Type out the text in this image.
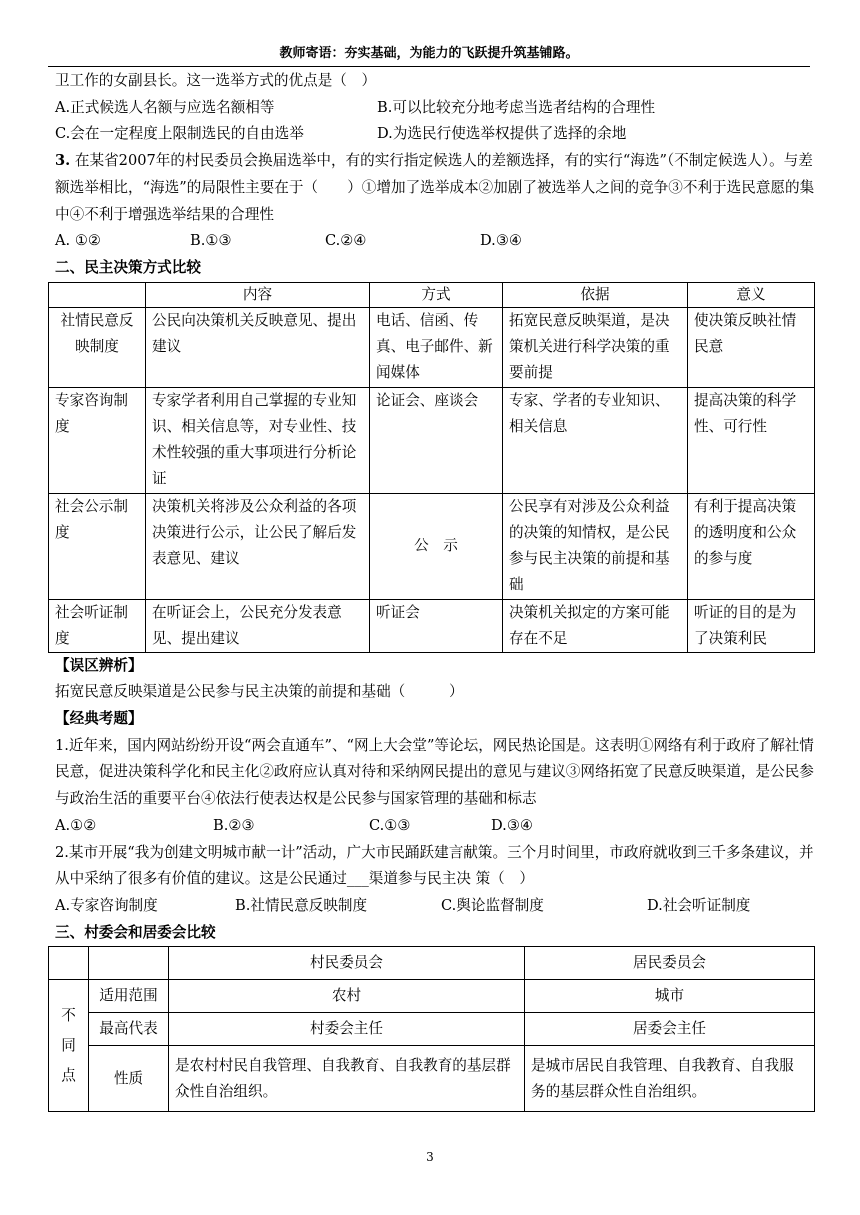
教师寄语：夯实基础，为能力的飞跃提升筑基铺路。

卫工作的女副县长。这一选举方式的优点是（　）

A.正式候选人名额与应选名额相等	B.可以比较充分地考虑当选者结构的合理性
C.会在一定程度上限制选民的自由选举	D.为选民行使选举权提供了选择的余地

3. 在某省2007年的村民委员会换届选举中，有的实行指定候选人的差额选择，有的实行“海选”（不制定候选人）。与差额选举相比，“海选”的局限性主要在于（　　）①增加了选举成本②加剧了被选举人之间的竞争③不利于选民意愿的集中④不利于增强选举结果的合理性

A. ①②	B.①③	C.②④	D.③④

二、民主决策方式比较

	内容	方式	依据	意义
社情民意反映制度	公民向决策机关反映意见、提出建议	电话、信函、传真、电子邮件、新闻媒体	拓宽民意反映渠道，是决策机关进行科学决策的重要前提	使决策反映社情民意
专家咨询制度	专家学者利用自己掌握的专业知识、相关信息等，对专业性、技术性较强的重大事项进行分析论证	论证会、座谈会	专家、学者的专业知识、相关信息	提高决策的科学性、可行性
社会公示制度	决策机关将涉及公众利益的各项决策进行公示，让公民了解后发表意见、建议	公　示	公民享有对涉及公众利益的决策的知情权，是公民参与民主决策的前提和基础	有利于提高决策的透明度和公众的参与度
社会听证制度	在听证会上，公民充分发表意见、提出建议	听证会	决策机关拟定的方案可能存在不足	听证的目的是为了决策利民

【误区辨析】

拓宽民意反映渠道是公民参与民主决策的前提和基础（　　　）

【经典考题】

1.近年来，国内网站纷纷开设“两会直通车”、“网上大会堂”等论坛，网民热论国是。这表明①网络有利于政府了解社情民意，促进决策科学化和民主化②政府应认真对待和采纳网民提出的意见与建议③网络拓宽了民意反映渠道，是公民参与政治生活的重要平台④依法行使表达权是公民参与国家管理的基础和标志

A.①②	B.②③	C.①③	D.③④

2.某市开展“我为创建文明城市献一计”活动，广大市民踊跃建言献策。三个月时间里，市政府就收到三千多条建议，并从中采纳了很多有价值的建议。这是公民通过___渠道参与民主决 策（　）

A.专家咨询制度	B.社情民意反映制度	C.舆论监督制度	D.社会听证制度

三、村委会和居委会比较

		村民委员会	居民委员会

不同点	适用范围	农村	城市
	最高代表	村委会主任	居委会主任
	性质	是农村村民自我管理、自我教育、自我教育的基层群众性自治组织。	是城市居民自我管理、自我教育、自我服务的基层群众性自治组织。
3
